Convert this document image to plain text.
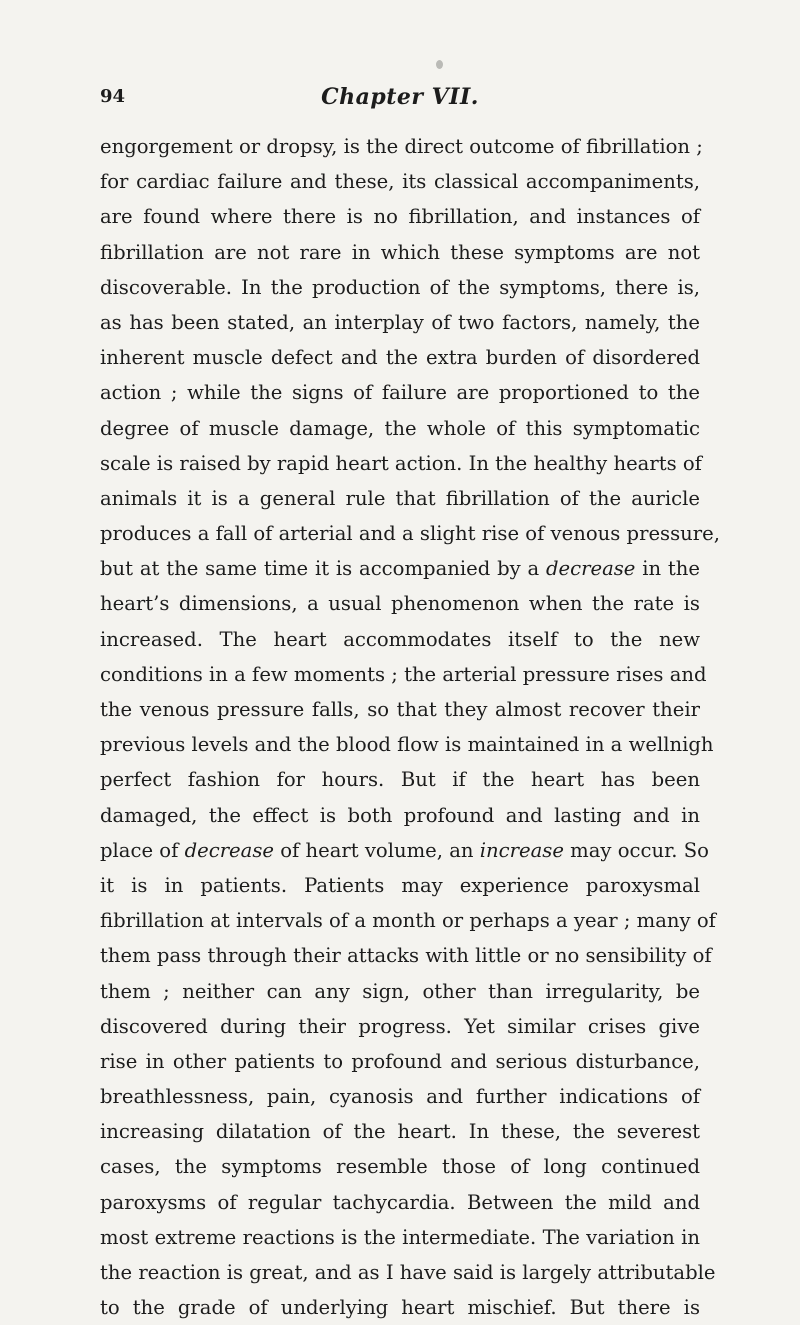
94	Chapter VII.
engorgement or dropsy, is the direct outcome of fibrillation ;
for cardiac failure and these, its classical accompaniments,
are found where there is no fibrillation, and instances of
fibrillation are not rare in which these symptoms are not
discoverable. In the production of the symptoms, there is,
as has been stated, an interplay of two factors, namely, the
inherent muscle defect and the extra burden of disordered
action ; while the signs of failure are proportioned to the
degree of muscle damage, the whole of this symptomatic
scale is raised by rapid heart action. In the healthy hearts of
animals it is a general rule that fibrillation of the auricle
produces a fall of arterial and a slight rise of venous pressure,
but at the same time it is accompanied by a decrease in the
heart’s dimensions, a usual phenomenon when the rate is
increased. The heart accommodates itself to the new
conditions in a few moments ; the arterial pressure rises and
the venous pressure falls, so that they almost recover their
previous levels and the blood flow is maintained in a wellnigh
perfect fashion for hours. But if the heart has been
damaged, the effect is both profound and lasting and in
place of decrease of heart volume, an increase may occur. So
it is in patients. Patients may experience paroxysmal
fibrillation at intervals of a month or perhaps a year ; many of
them pass through their attacks with little or no sensibility of
them ; neither can any sign, other than irregularity, be
discovered during their progress. Yet similar crises give
rise in other patients to profound and serious disturbance,
breathlessness, pain, cyanosis and further indications of
increasing dilatation of the heart. In these, the severest
cases, the symptoms resemble those of long continued
paroxysms of regular tachycardia. Between the mild and
most extreme reactions is the intermediate. The variation in
the reaction is great, and as I have said is largely attributable
to the grade of underlying heart mischief. But there is
